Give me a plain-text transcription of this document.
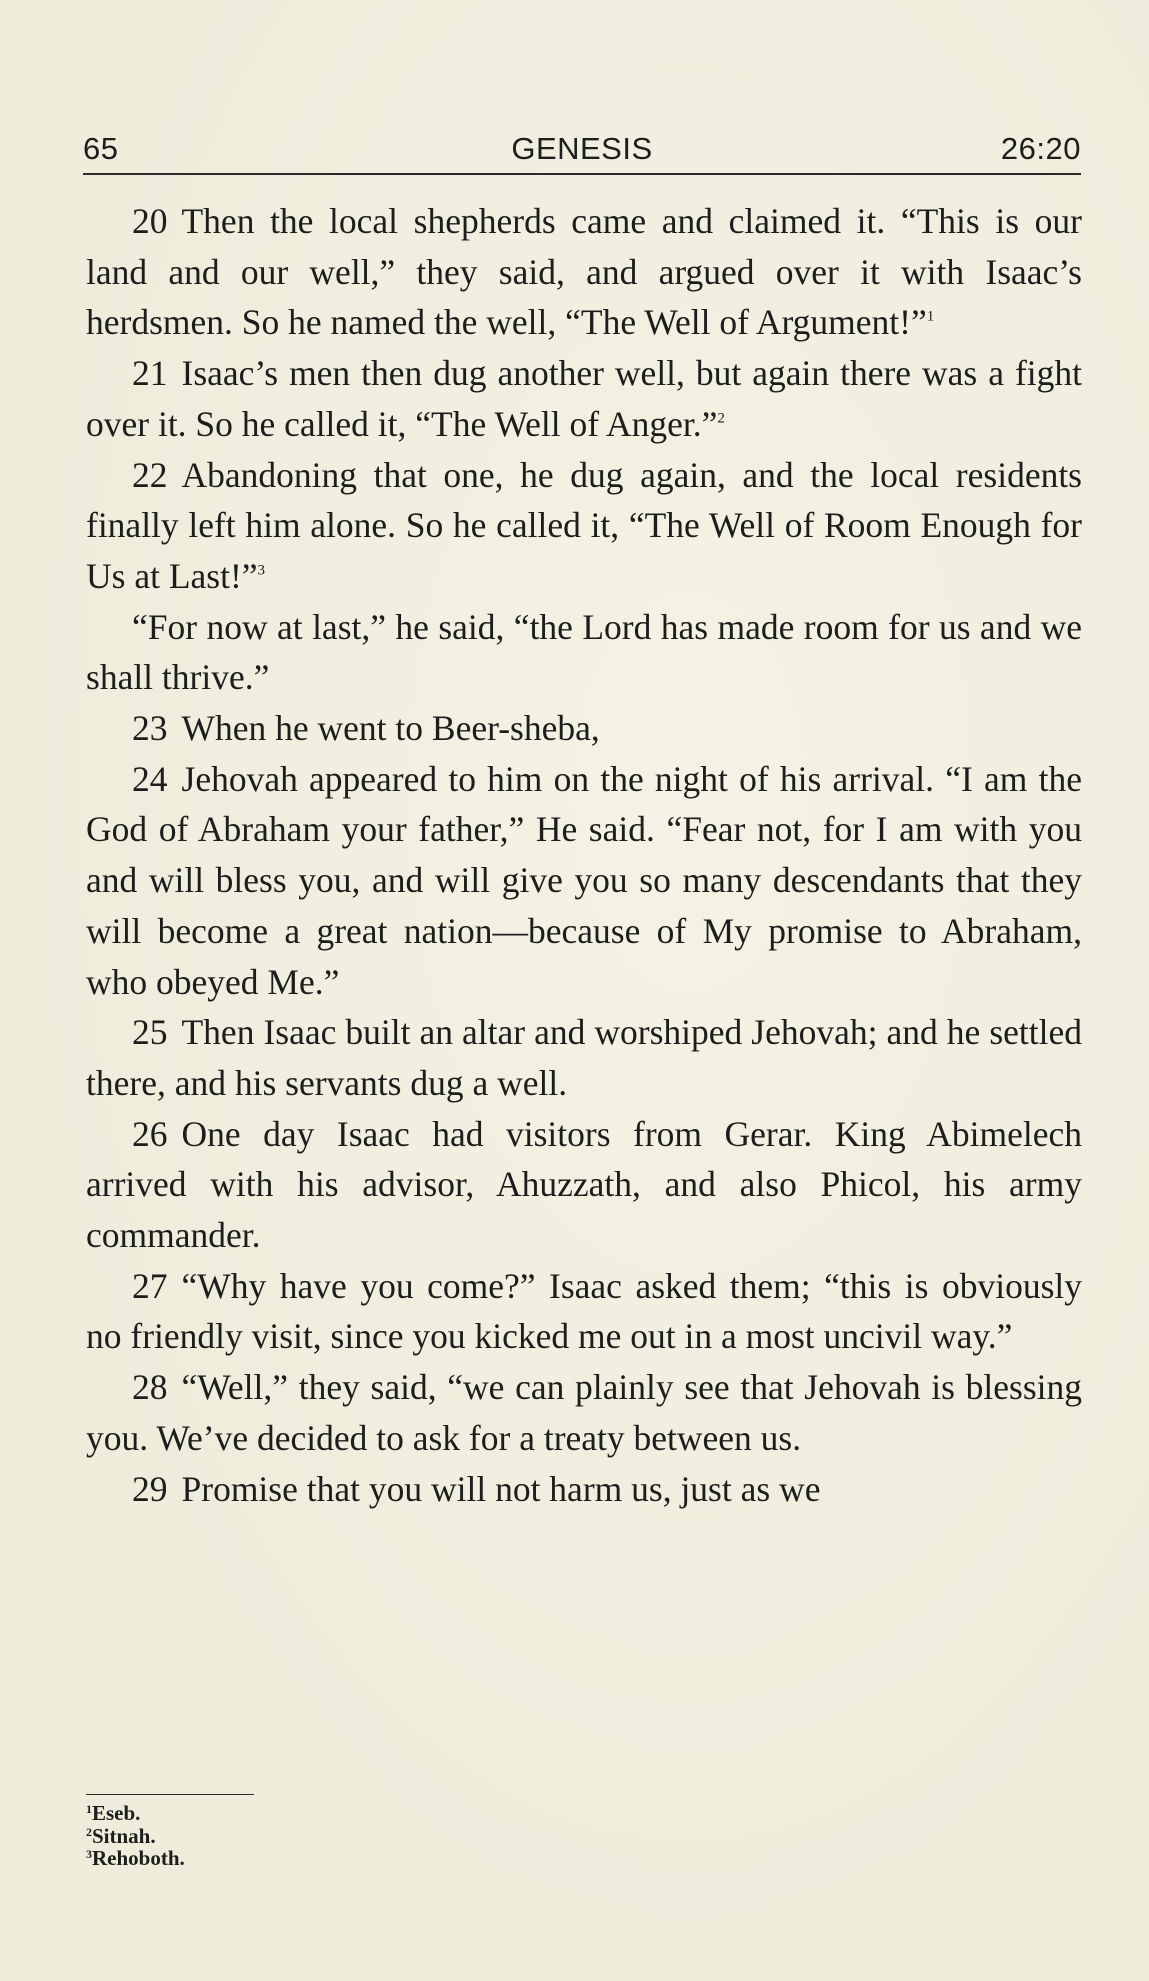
65	GENESIS	26:20

20 Then the local shepherds came and claimed it. “This is our land and our well,” they said, and argued over it with Isaac’s herdsmen. So he named the well, “The Well of Argument!”$^1$

21 Isaac’s men then dug another well, but again there was a fight over it. So he called it, “The Well of Anger.”$^2$

22 Abandoning that one, he dug again, and the local residents finally left him alone. So he called it, “The Well of Room Enough for Us at Last!”$^3$

“For now at last,” he said, “the Lord has made room for us and we shall thrive.”

23 When he went to Beer-sheba,

24 Jehovah appeared to him on the night of his arrival. “I am the God of Abraham your father,” He said. “Fear not, for I am with you and will bless you, and will give you so many descendants that they will become a great nation—because of My promise to Abraham, who obeyed Me.”

25 Then Isaac built an altar and worshiped Jehovah; and he settled there, and his servants dug a well.

26 One day Isaac had visitors from Gerar. King Abimelech arrived with his advisor, Ahuzzath, and also Phicol, his army commander.

27 “Why have you come?” Isaac asked them; “this is obviously no friendly visit, since you kicked me out in a most uncivil way.”

28 “Well,” they said, “we can plainly see that Jehovah is blessing you. We’ve decided to ask for a treaty between us.

29 Promise that you will not harm us, just as we

$^1$Eseb.
$^2$Sitnah.
$^3$Rehoboth.
